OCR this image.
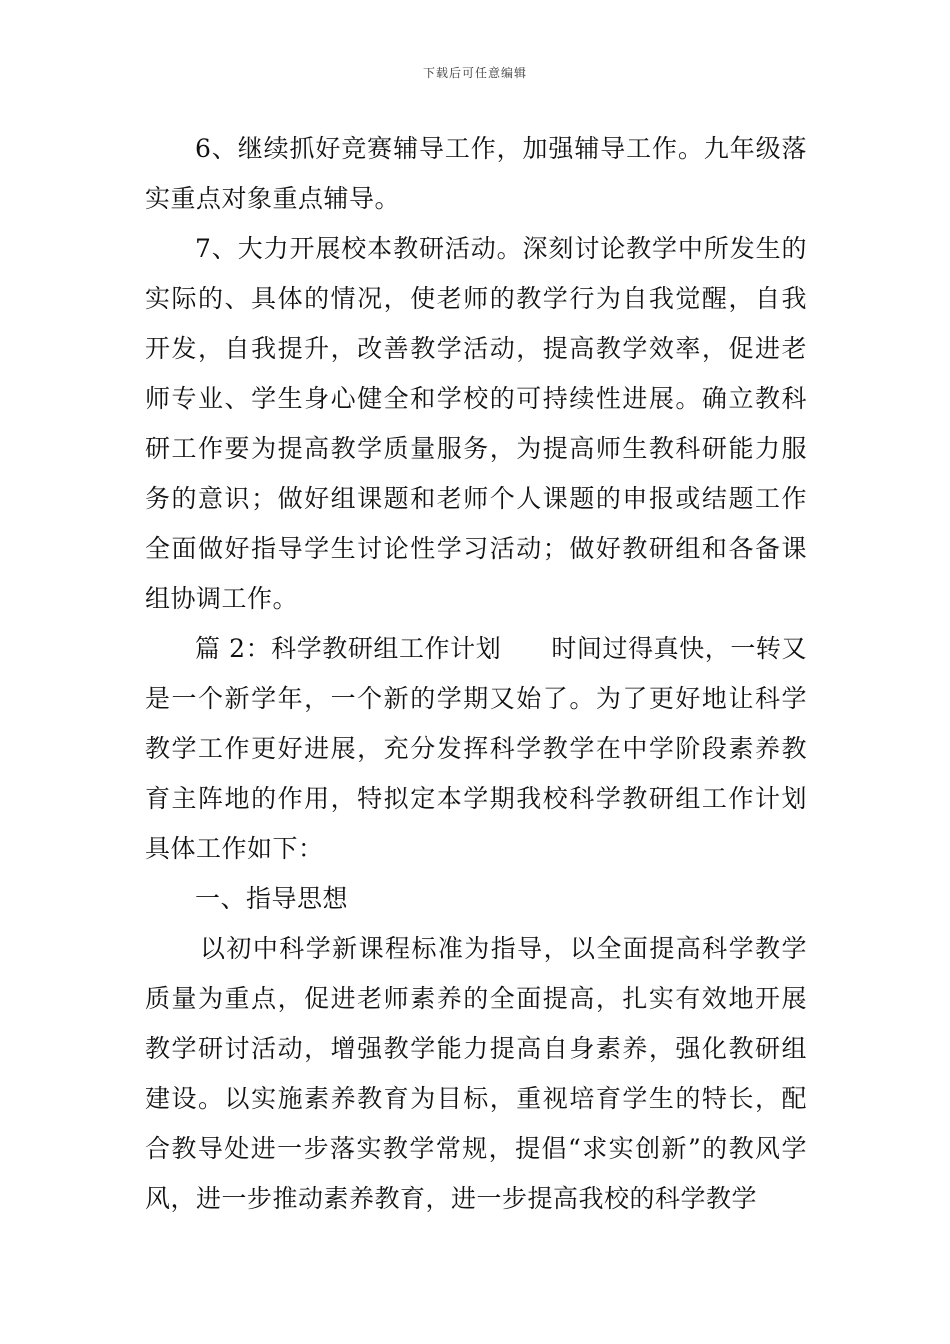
下载后可任意编辑

6、继续抓好竞赛辅导工作，加强辅导工作。九年级落实重点对象重点辅导。

7、大力开展校本教研活动。深刻讨论教学中所发生的实际的、具体的情况，使老师的教学行为自我觉醒，自我开发，自我提升，改善教学活动，提高教学效率，促进老师专业、学生身心健全和学校的可持续性进展。确立教科研工作要为提高教学质量服务，为提高师生教科研能力服务的意识；做好组课题和老师个人课题的申报或结题工作全面做好指导学生讨论性学习活动；做好教研组和各备课组协调工作。

篇 2：科学教研组工作计划 时间过得真快，一转又是一个新学年，一个新的学期又始了。为了更好地让科学教学工作更好进展，充分发挥科学教学在中学阶段素养教育主阵地的作用，特拟定本学期我校科学教研组工作计划具体工作如下：

一、指导思想

以初中科学新课程标准为指导，以全面提高科学教学质量为重点，促进老师素养的全面提高，扎实有效地开展教学研讨活动，增强教学能力提高自身素养，强化教研组建设。以实施素养教育为目标，重视培育学生的特长，配合教导处进一步落实教学常规，提倡“求实创新”的教风学风，进一步推动素养教育，进一步提高我校的科学教学
